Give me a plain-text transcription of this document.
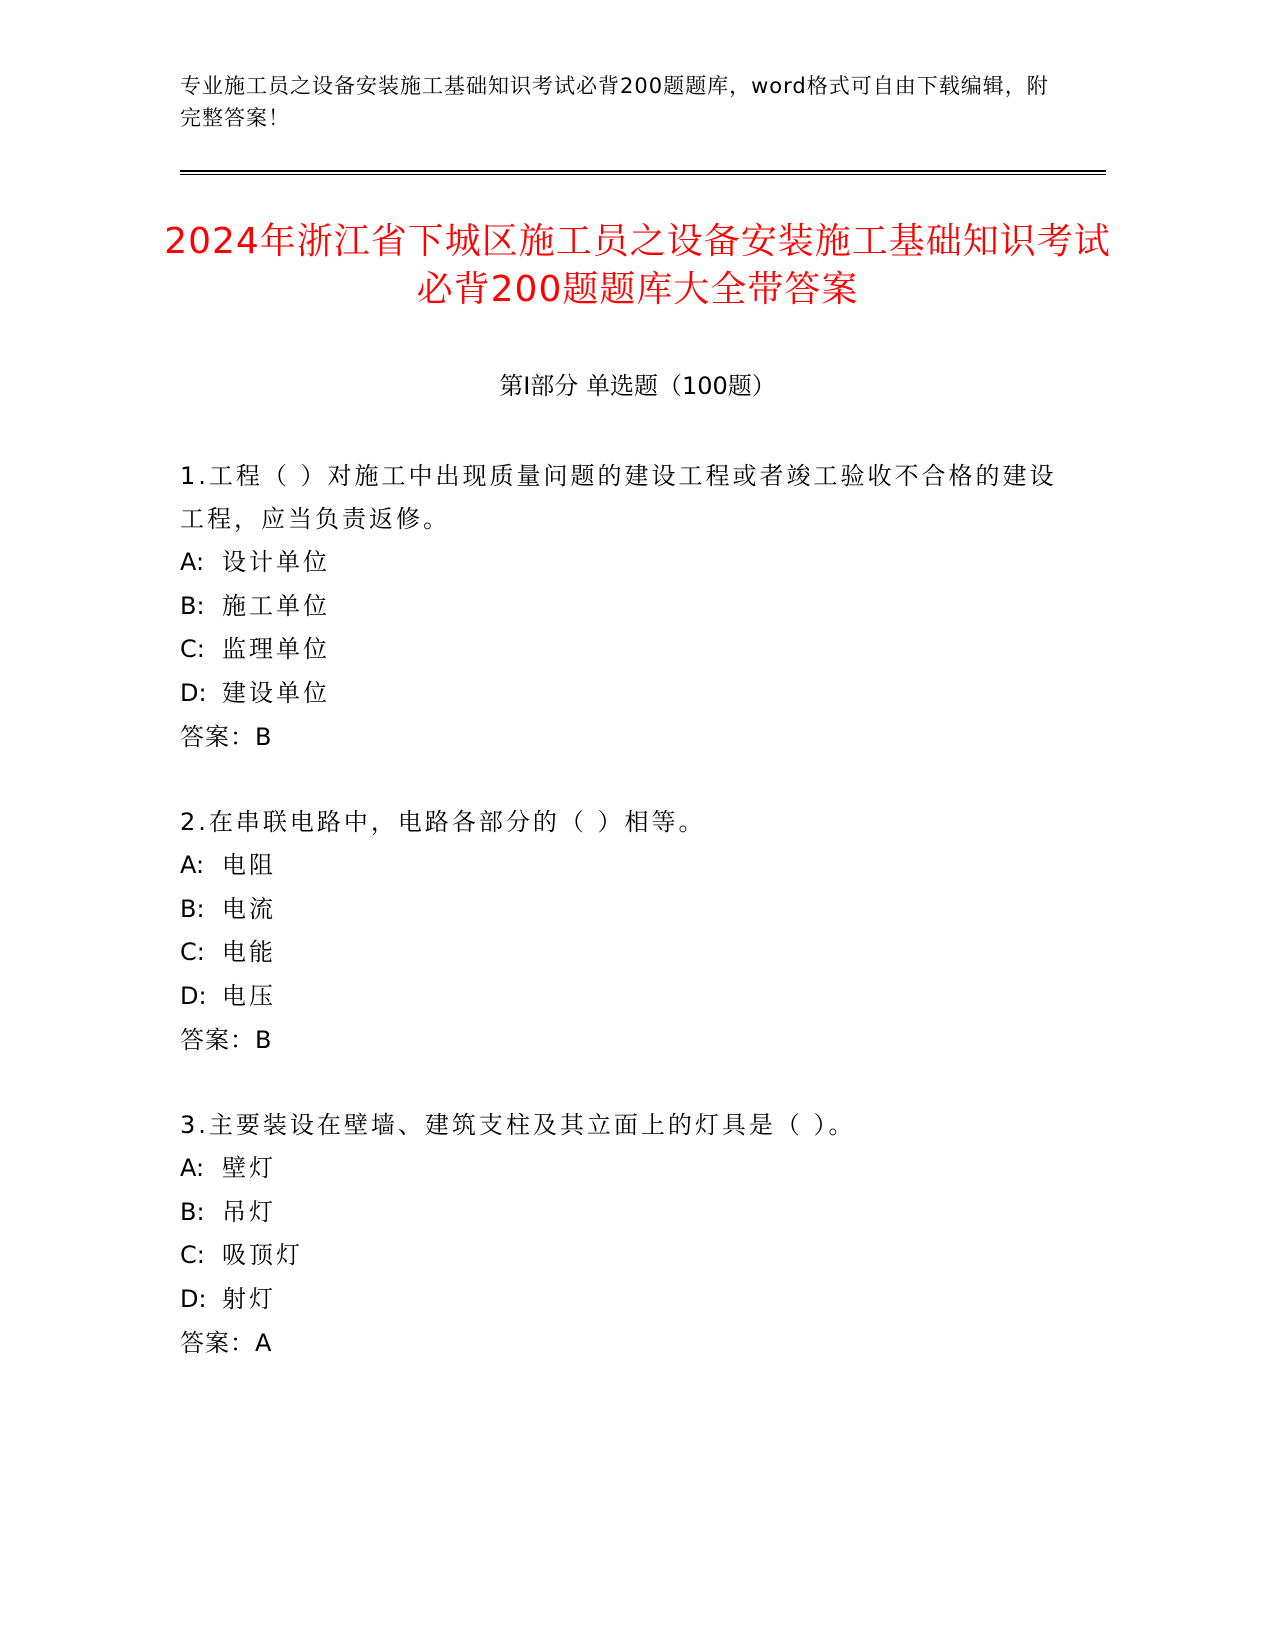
专业施工员之设备安装施工基础知识考试必背200题题库，word格式可自由下载编辑，附完整答案！
2024年浙江省下城区施工员之设备安装施工基础知识考试必背200题题库大全带答案
第Ⅰ部分 单选题（100题）
1.工程（ ）对施工中出现质量问题的建设工程或者竣工验收不合格的建设工程，应当负责返修。
A: 设计单位
B: 施工单位
C: 监理单位
D: 建设单位
答案：B
2.在串联电路中，电路各部分的（ ）相等。
A: 电阻
B: 电流
C: 电能
D: 电压
答案：B
3.主要装设在壁墙、建筑支柱及其立面上的灯具是（ ）。
A: 壁灯
B: 吊灯
C: 吸顶灯
D: 射灯
答案：A
